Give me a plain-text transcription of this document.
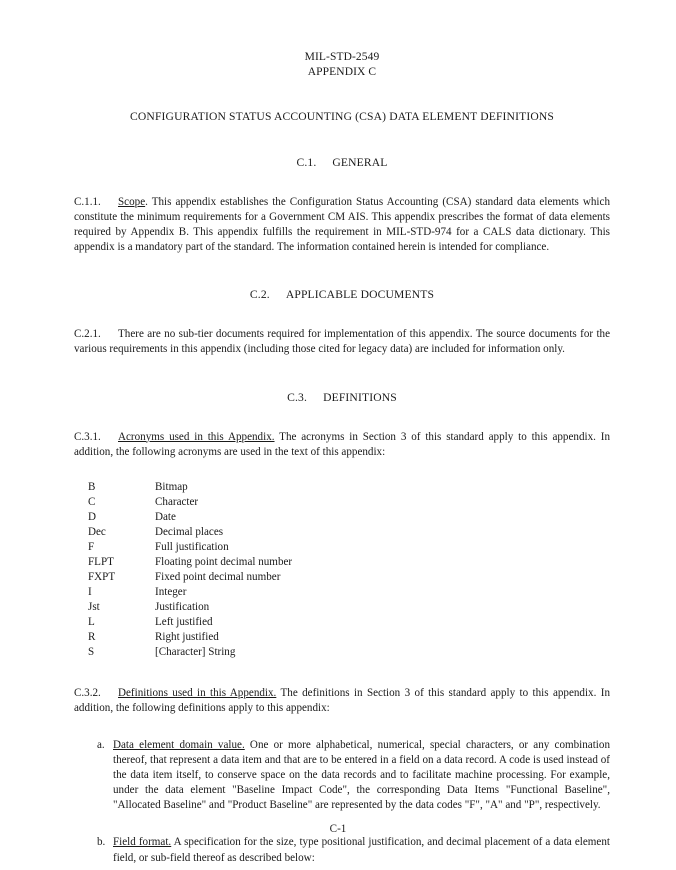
MIL-STD-2549
APPENDIX C
CONFIGURATION STATUS ACCOUNTING (CSA) DATA ELEMENT DEFINITIONS
C.1. GENERAL

C.1.1. Scope. This appendix establishes the Configuration Status Accounting (CSA) standard data elements which constitute the minimum requirements for a Government CM AIS. This appendix prescribes the format of data elements required by Appendix B. This appendix fulfills the requirement in MIL-STD-974 for a CALS data dictionary. This appendix is a mandatory part of the standard. The information contained herein is intended for compliance.

C.2. APPLICABLE DOCUMENTS

C.2.1. There are no sub-tier documents required for implementation of this appendix. The source documents for the various requirements in this appendix (including those cited for legacy data) are included for information only.

C.3. DEFINITIONS

C.3.1. Acronyms used in this Appendix. The acronyms in Section 3 of this standard apply to this appendix. In addition, the following acronyms are used in the text of this appendix:

B	Bitmap
C	Character
D	Date
Dec	Decimal places
F	Full justification
FLPT	Floating point decimal number
FXPT	Fixed point decimal number
I	Integer
Jst	Justification
L	Left justified
R	Right justified
S	[Character] String

C.3.2. Definitions used in this Appendix. The definitions in Section 3 of this standard apply to this appendix. In addition, the following definitions apply to this appendix:

a. Data element domain value. One or more alphabetical, numerical, special characters, or any combination thereof, that represent a data item and that are to be entered in a field on a data record. A code is used instead of the data item itself, to conserve space on the data records and to facilitate machine processing. For example, under the data element "Baseline Impact Code", the corresponding Data Items "Functional Baseline", "Allocated Baseline" and "Product Baseline" are represented by the data codes "F", "A" and "P", respectively.
b. Field format. A specification for the size, type positional justification, and decimal placement of a data element field, or sub-field thereof as described below:
C-1
